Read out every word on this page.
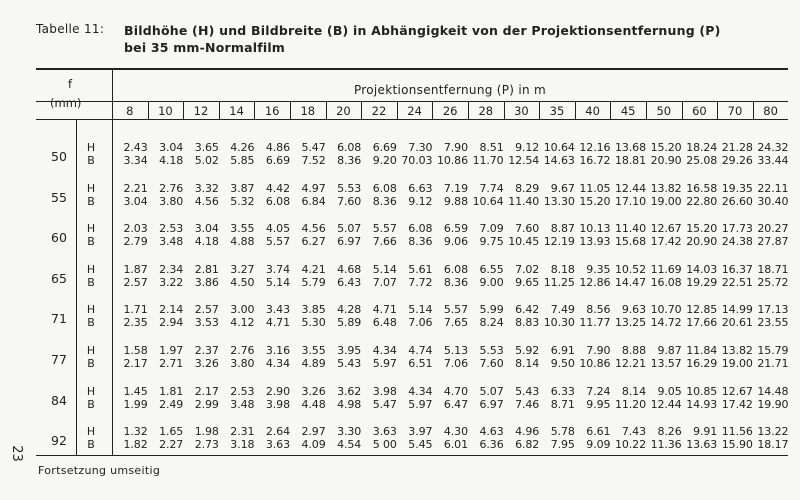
Tabelle 11: Bildhöhe (H) und Bildbreite (B) in Abhängigkeit von der Projektionsentfernung (P)
bei 35 mm-Normalfilm
f
(mm)
Projektionsentfernung (P) in m
8	10	12	14	16	18	20	22	24	26	28	30	35	40	45	50	60	70	80
50
H
B
2.43	3.04	3.65	4.26	4.86	5.47	6.08	6.69	7.30	7.90	8.51	9.12 10.64 12.16 13.68 15.20 18.24 21.28 24.32
3.34	4.18	5.02	5.85	6.69	7.52	8.36	9.20 70.03 10.86 11.70 12.54 14.63 16.72 18.81 20.90 25.08 29.26 33.44
55
H
B
2.21	2.76	3.32	3.87	4.42	4.97	5.53	6.08	6.63	7.19	7.74	8.29	9.67 11.05 12.44 13.82 16.58 19.35 22.11
3.04	3.80	4.56	5.32	6.08	6.84	7.60	8.36	9.12	9.88 10.64 11.40 13.30 15.20 17.10 19.00 22.80 26.60 30.40
60
H
B
2.03	2.53	3.04	3.55	4.05	4.56	5.07	5.57	6.08	6.59	7.09	7.60	8.87 10.13 11.40 12.67 15.20 17.73 20.27
2.79	3.48	4.18	4.88	5.57	6.27	6.97	7.66	8.36	9.06	9.75 10.45 12.19 13.93 15.68 17.42 20.90 24.38 27.87
65
H
B
1.87	2.34	2.81	3.27	3.74	4.21	4.68	5.14	5.61	6.08	6.55	7.02	8.18	9.35 10.52 11.69 14.03 16.37 18.71
2.57	3.22	3.86	4.50	5.14	5.79	6.43	7.07	7.72	8.36	9.00	9.65 11.25 12.86 14.47 16.08 19.29 22.51 25.72
71
H
B
1.71	2.14	2.57	3.00	3.43	3.85	4.28	4.71	5.14	5.57	5.99	6.42	7.49	8.56	9.63 10.70 12.85 14.99 17.13
2.35	2.94	3.53	4.12	4.71	5.30	5.89	6.48	7.06	7.65	8.24	8.83 10.30 11.77 13.25 14.72 17.66 20.61 23.55
77
H
B
1.58	1.97	2.37	2.76	3.16	3.55	3.95	4.34	4.74	5.13	5.53	5.92	6.91	7.90	8.88	9.87 11.84 13.82 15.79
2.17	2.71	3.26	3.80	4.34	4.89	5.43	5.97	6.51	7.06	7.60	8.14	9.50 10.86 12.21 13.57 16.29 19.00 21.71
84
H
B
1.45	1.81	2.17	2.53	2.90	3.26	3.62	3.98	4.34	4.70	5.07	5.43	6.33	7.24	8.14	9.05 10.85 12.67 14.48
1.99	2.49	2.99	3.48	3.98	4.48	4.98	5.47	5.97	6.47	6.97	7.46	8.71	9.95 11.20 12.44 14.93 17.42 19.90
92
H
B
1.32	1.65	1.98	2.31	2.64	2.97	3.30	3.63	3.97	4.30	4.63	4.96	5.78	6.61	7.43	8.26	9.91 11.56 13.22
1.82	2.27	2.73	3.18	3.63	4.09	4.54	5 00	5.45	6.01	6.36	6.82	7.95	9.09 10.22 11.36 13.63 15.90 18.17
Fortsetzung umseitig
23
